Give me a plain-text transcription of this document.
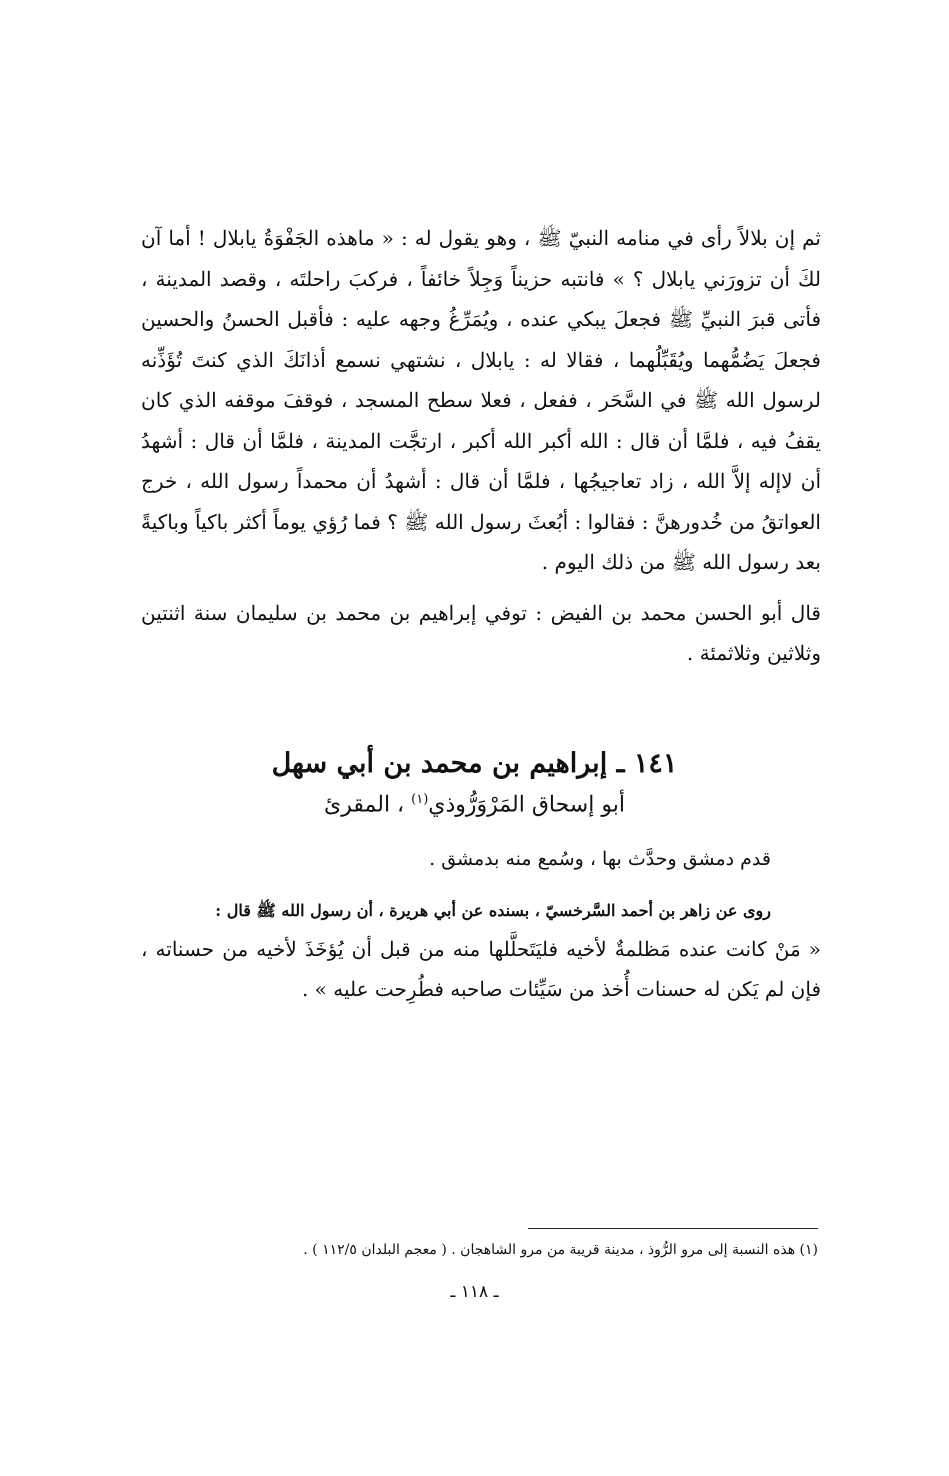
ثم إن بلالاً رأى في منامه النبيّ ﷺ ، وهو يقول له : « ماهذه الجَفْوَةُ يابلال ! أما آن لكَ أن تزورَني يابلال ؟ » فانتبه حزيناً وَجِلاً خائفاً ، فركبَ راحلتَه ، وقصد المدينة ، فأتى قبرَ النبيِّ ﷺ فجعلَ يبكي عنده ، ويُمَرِّغُ وجهه عليه : فأقبل الحسنُ والحسين فجعلَ يَضُمُّهما ويُقَبِّلُهما ، فقالا له : يابلال ، نشتهي نسمع أذانَكَ الذي كنتَ تُؤَذِّنه لرسول الله ﷺ في السَّحَر ، ففعل ، فعلا سطح المسجد ، فوقفَ موقفه الذي كان يقفُ فيه ، فلمَّا أن قال : الله أكبر الله أكبر ، ارتجَّت المدينة ، فلمَّا أن قال : أشهدُ أن لاإله إلاَّ الله ، زاد تعاجيجُها ، فلمَّا أن قال : أشهدُ أن محمداً رسول الله ، خرج العواتقُ من خُدورهنَّ : فقالوا : أبُعثَ رسول الله ﷺ ؟ فما رُؤي يوماً أكثر باكياً وباكيةً بعد رسول الله ﷺ من ذلك اليوم .

قال أبو الحسن محمد بن الفيض : توفي إبراهيم بن محمد بن سليمان سنة اثنتين وثلاثين وثلاثمئة .

١٤١ ـ إبراهيم بن محمد بن أبي سهل
أبو إسحاق المَرْوَرُّوذي$^{(١)}$ ، المقرئ

قدم دمشق وحدَّث بها ، وسُمع منه بدمشق .

روى عن زاهر بن أحمد السَّرخسيّ ، بسنده عن أبي هريرة ، أن رسول الله ﷺ قال :

« مَنْ كانت عنده مَظلمةٌ لأخيه فليَتَحلَّلها منه من قبل أن يُؤخَذَ لأخيه من حسناته ، فإن لم يَكن له حسنات أُخذ من سَيِّئات صاحبه فطُرِحت عليه » .

(١) هذه النسبة إلى مرو الرُّوذ ، مدينة قريبة من مرو الشاهجان . ( معجم البلدان ١١٢/٥ ) .

ـ ١١٨ ـ
